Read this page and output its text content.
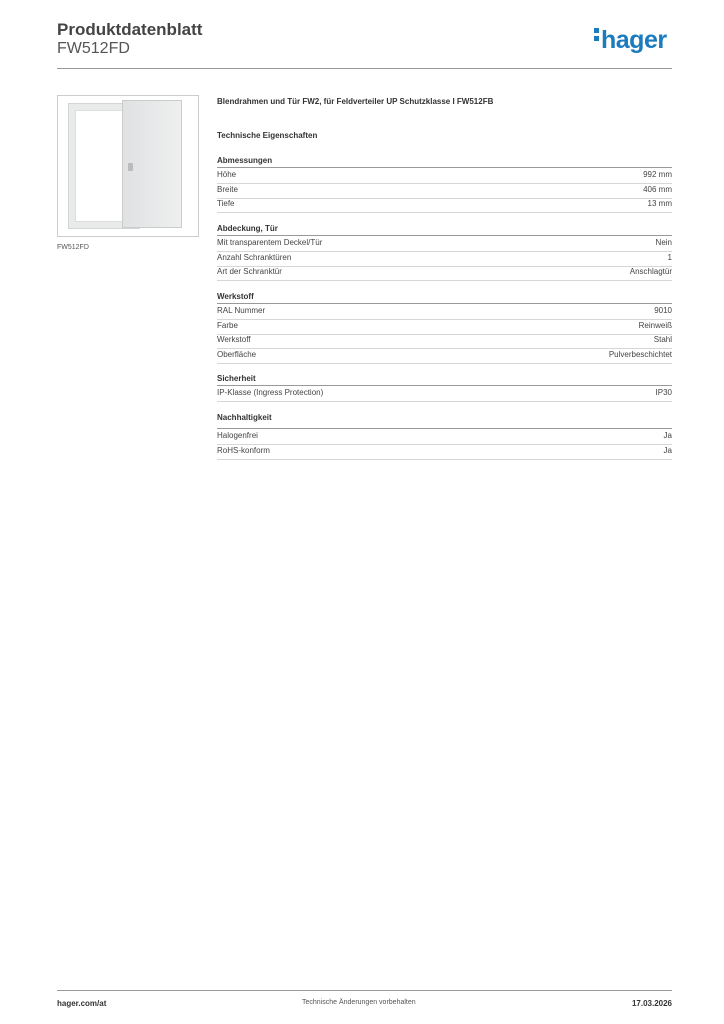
Produktdatenblatt
FW512FD	hager
FW512FD
Blendrahmen und Tür FW2, für Feldverteiler UP Schutzklasse I FW512FB
Technische Eigenschaften
Abmessungen
Höhe	992 mm
Breite	406 mm
Tiefe	13 mm
Abdeckung, Tür
Mit transparentem Deckel/Tür	Nein
Anzahl Schranktüren	1
Art der Schranktür	Anschlagtür
Werkstoff
RAL Nummer	9010
Farbe	Reinweiß
Werkstoff	Stahl
Oberfläche	Pulverbeschichtet
Sicherheit
IP-Klasse (Ingress Protection)	IP30
Nachhaltigkeit
Halogenfrei	Ja
RoHS-konform	Ja
hager.com/at	Technische Änderungen vorbehalten	17.03.2026
